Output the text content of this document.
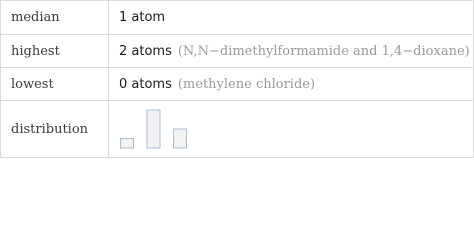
median	1 atom
highest	2 atoms (N,N−dimethylformamide and 1,4−dioxane)
lowest	0 atoms (methylene chloride)
distribution	
